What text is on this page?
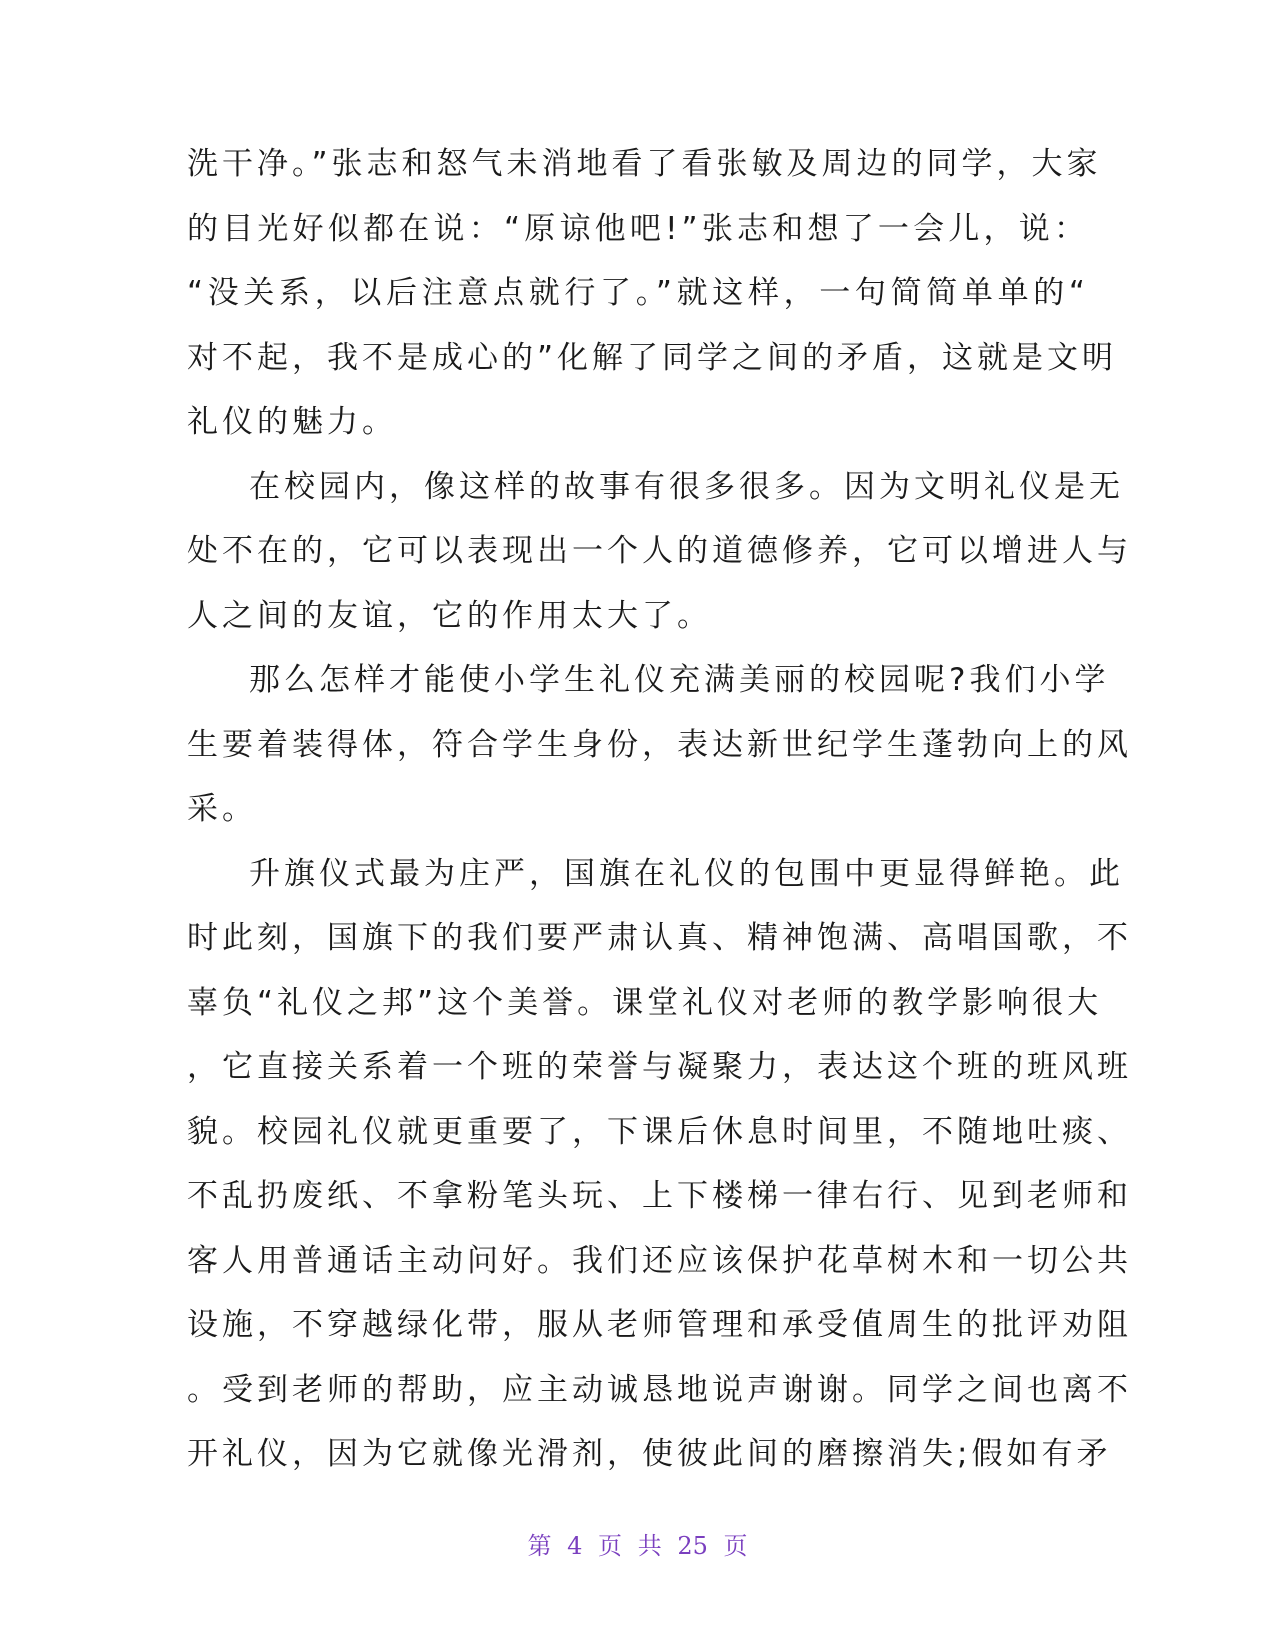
洗干净。”张志和怒气未消地看了看张敏及周边的同学，大家
的目光好似都在说：“原谅他吧!”张志和想了一会儿，说：
“没关系，以后注意点就行了。”就这样，一句简简单单的“
对不起，我不是成心的”化解了同学之间的矛盾，这就是文明
礼仪的魅力。
在校园内，像这样的故事有很多很多。因为文明礼仪是无
处不在的，它可以表现出一个人的道德修养，它可以增进人与
人之间的友谊，它的作用太大了。
那么怎样才能使小学生礼仪充满美丽的校园呢?我们小学
生要着装得体，符合学生身份，表达新世纪学生蓬勃向上的风
采。
升旗仪式最为庄严，国旗在礼仪的包围中更显得鲜艳。此
时此刻，国旗下的我们要严肃认真、精神饱满、高唱国歌，不
辜负“礼仪之邦”这个美誉。课堂礼仪对老师的教学影响很大
，它直接关系着一个班的荣誉与凝聚力，表达这个班的班风班
貌。校园礼仪就更重要了，下课后休息时间里，不随地吐痰、
不乱扔废纸、不拿粉笔头玩、上下楼梯一律右行、见到老师和
客人用普通话主动问好。我们还应该保护花草树木和一切公共
设施，不穿越绿化带，服从老师管理和承受值周生的批评劝阻
。受到老师的帮助，应主动诚恳地说声谢谢。同学之间也离不
开礼仪，因为它就像光滑剂，使彼此间的磨擦消失;假如有矛
第 4 页 共 25 页
